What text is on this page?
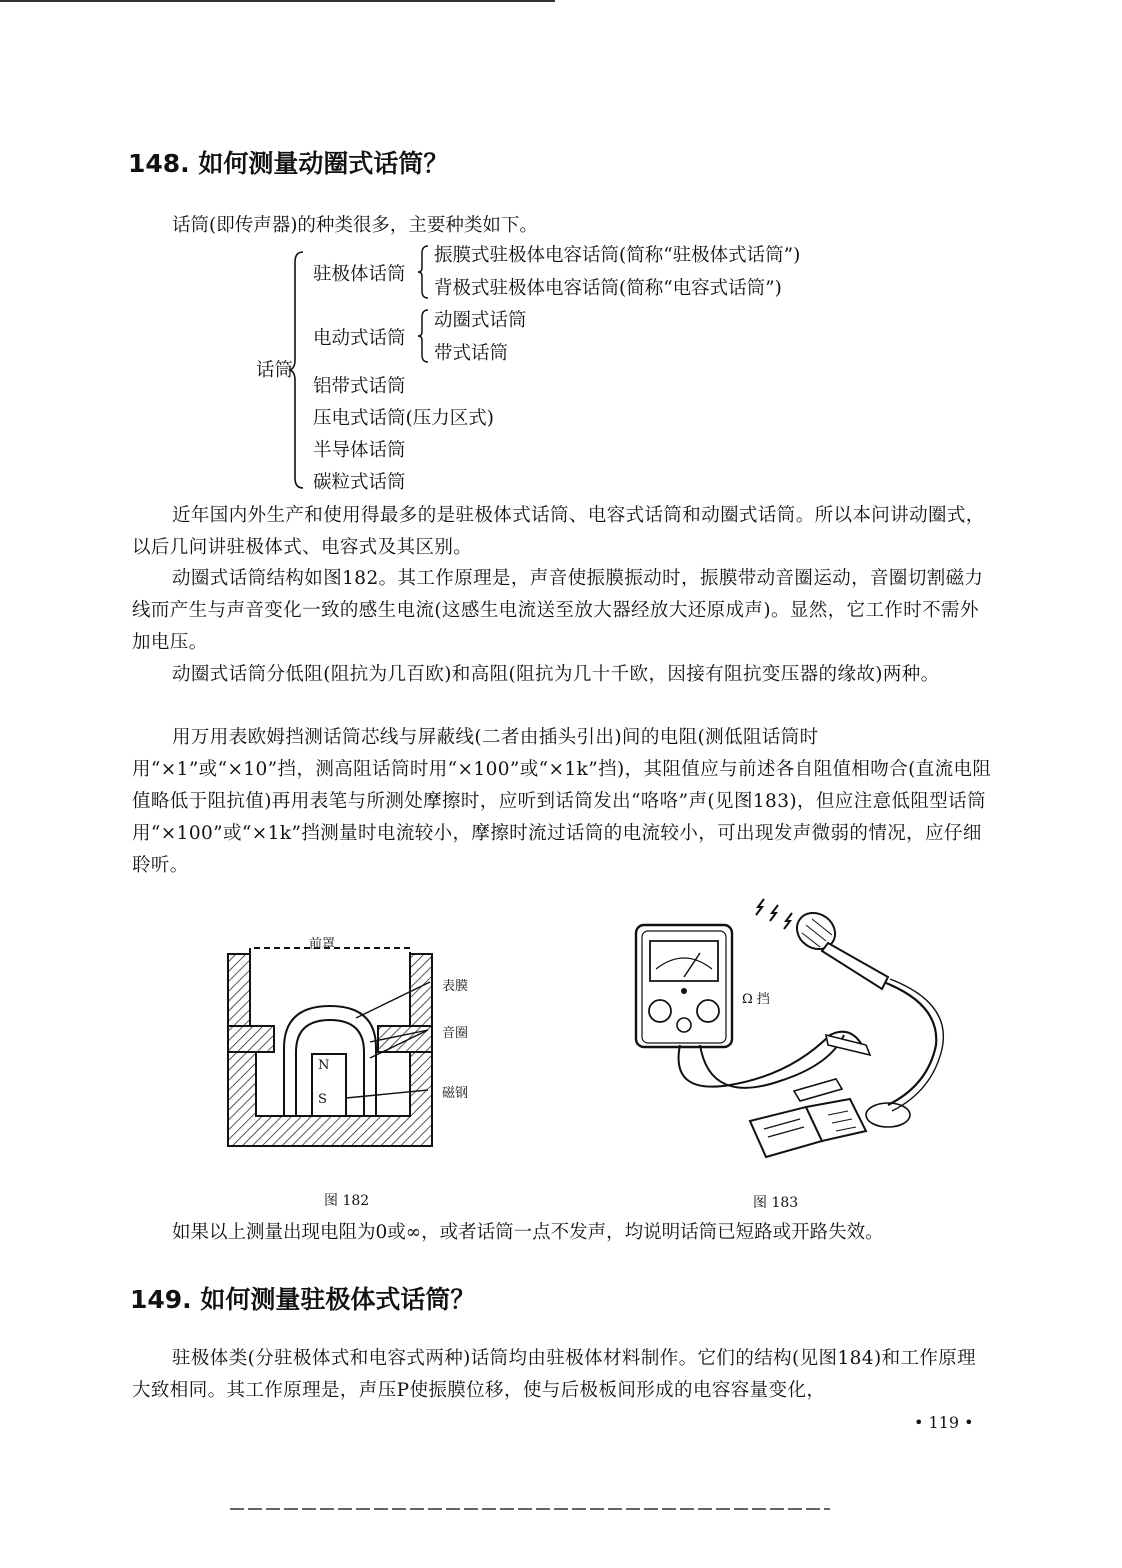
148. 如何测量动圈式话筒？
话筒(即传声器)的种类很多，主要种类如下。
话筒
驻极体话筒
振膜式驻极体电容话筒(简称“驻极体式话筒”)
背极式驻极体电容话筒(简称“电容式话筒”)
电动式话筒
动圈式话筒
带式话筒
铝带式话筒
压电式话筒(压力区式)
半导体话筒
碳粒式话筒
近年国内外生产和使用得最多的是驻极体式话筒、电容式话筒和动圈式话筒。所以本问讲动圈式，以后几问讲驻极体式、电容式及其区别。
动圈式话筒结构如图182。其工作原理是，声音使振膜振动时，振膜带动音圈运动，音圈切割磁力线而产生与声音变化一致的感生电流(这感生电流送至放大器经放大还原成声)。显然，它工作时不需外加电压。
动圈式话筒分低阻(阻抗为几百欧)和高阻(阻抗为几十千欧，因接有阻抗变压器的缘故)两种。
用万用表欧姆挡测话筒芯线与屏蔽线(二者由插头引出)间的电阻(测低阻话筒时用“×1”或“×10”挡，测高阻话筒时用“×100”或“×1k”挡)，其阻值应与前述各自阻值相吻合(直流电阻值略低于阻抗值)再用表笔与所测处摩擦时，应听到话筒发出“咯咯”声(见图183)，但应注意低阻型话筒用“×100”或“×1k”挡测量时电流较小，摩擦时流过话筒的电流较小，可出现发声微弱的情况，应仔细聆听。
前罩
表膜
音圈
磁钢
N
S
图 182
Ω 挡
图 183
如果以上测量出现电阻为0或∞，或者话筒一点不发声，均说明话筒已短路或开路失效。
149. 如何测量驻极体式话筒？
驻极体类(分驻极体式和电容式两种)话筒均由驻极体材料制作。它们的结构(见图184)和工作原理大致相同。其工作原理是，声压P使振膜位移，使与后极板间形成的电容容量变化，
• 119 •
